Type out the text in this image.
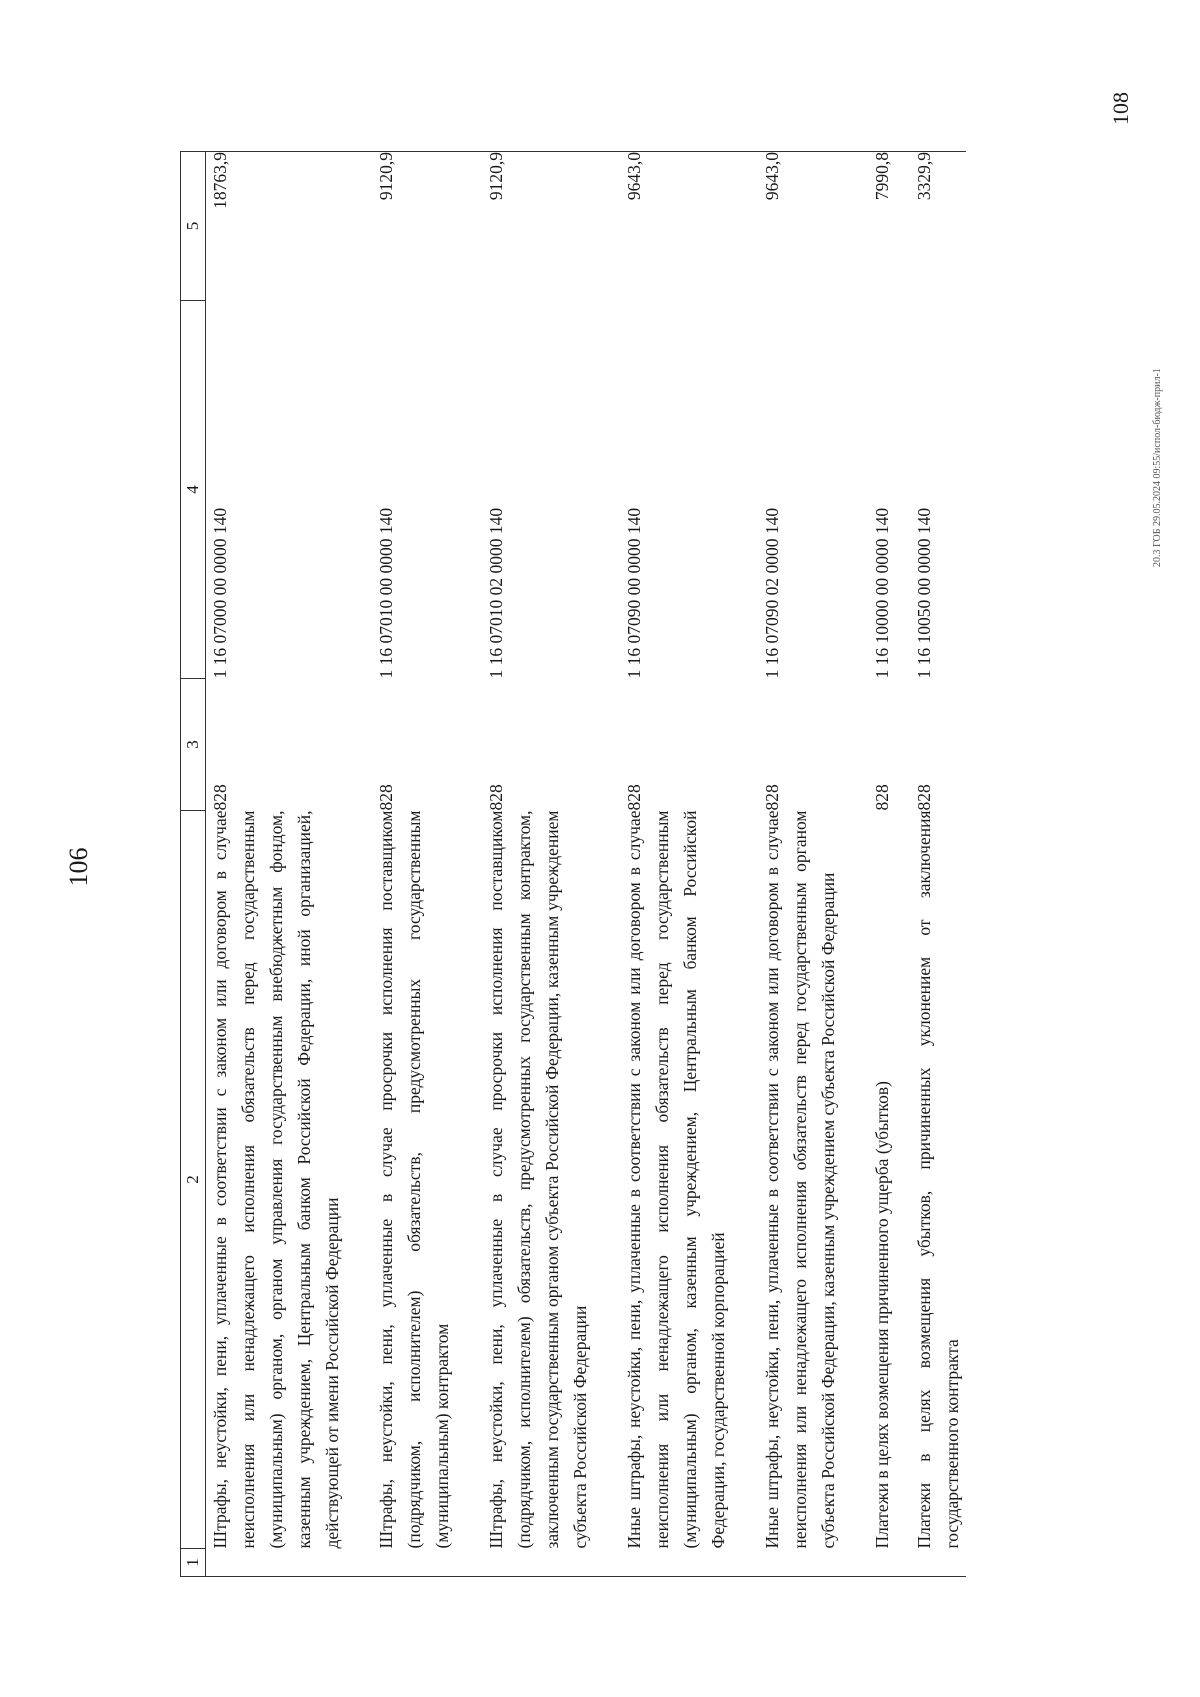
106
1	2	3	4	5
	Штрафы, неустойки, пени, уплаченные в соответствии с законом или договором в случае неисполнения или ненадлежащего исполнения обязательств перед государственным (муниципальным) органом, органом управления государственным внебюджетным фондом, казенным учреждением, Центральным банком Российской Федерации, иной организацией, действующей от имени Российской Федерации	828	1 16 07000 00 0000 140	18763,9

	Штрафы, неустойки, пени, уплаченные в случае просрочки исполнения поставщиком (подрядчиком, исполнителем) обязательств, предусмотренных государственным (муниципальным) контрактом	828	1 16 07010 00 0000 140	9120,9

	Штрафы, неустойки, пени, уплаченные в случае просрочки исполнения поставщиком (подрядчиком, исполнителем) обязательств, предусмотренных государственным контрактом, заключенным государственным органом субъекта Российской Федерации, казенным учреждением субъекта Российской Федерации	828	1 16 07010 02 0000 140	9120,9

	Иные штрафы, неустойки, пени, уплаченные в соответствии с законом или договором в случае неисполнения или ненадлежащего исполнения обязательств перед государственным (муниципальным) органом, казенным учреждением, Центральным банком Российской Федерации, государственной корпорацией	828	1 16 07090 00 0000 140	9643,0

	Иные штрафы, неустойки, пени, уплаченные в соответствии с законом или договором в случае неисполнения или ненадлежащего исполнения обязательств перед государственным органом субъекта Российской Федерации, казенным учреждением субъекта Российской Федерации	828	1 16 07090 02 0000 140	9643,0

	Платежи в целях возмещения причиненного ущерба (убытков)	828	1 16 10000 00 0000 140	7990,8

	Платежи в целях возмещения убытков, причиненных уклонением от заключения государственного контракта	828	1 16 10050 00 0000 140	3329,9
20.3 ГОБ 29.05.2024 09:55/испол-бюдж-прил-1
108
